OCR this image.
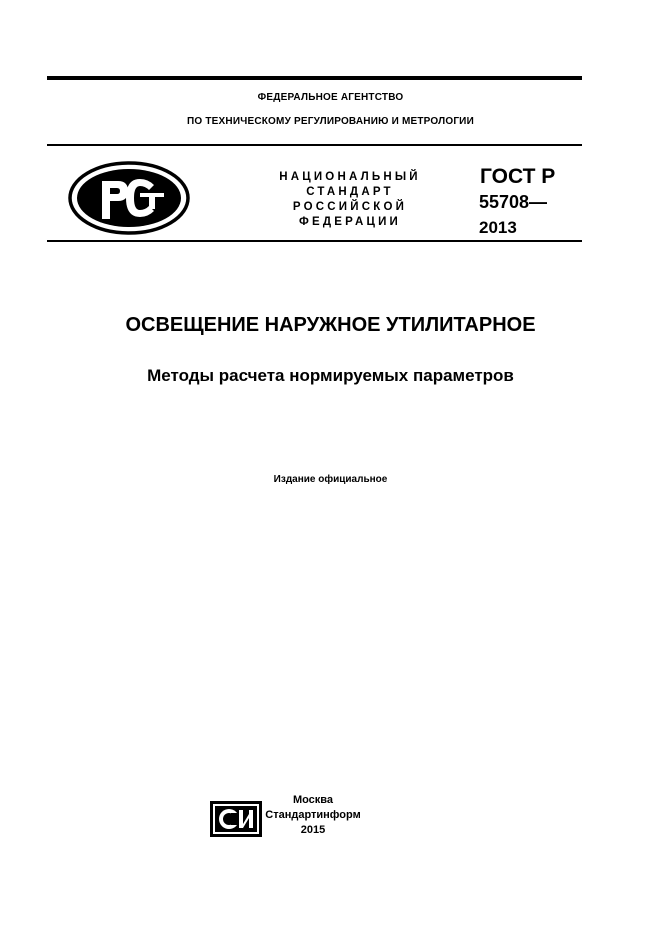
ФЕДЕРАЛЬНОЕ АГЕНТСТВО
ПО ТЕХНИЧЕСКОМУ РЕГУЛИРОВАНИЮ И МЕТРОЛОГИИ
НАЦИОНАЛЬНЫЙ
СТАНДАРТ
РОССИЙСКОЙ
ФЕДЕРАЦИИ
ГОСТ Р
55708—
2013
ОСВЕЩЕНИЕ НАРУЖНОЕ УТИЛИТАРНОЕ
Методы расчета нормируемых параметров
Издание официальное
Москва
Стандартинформ
2015
